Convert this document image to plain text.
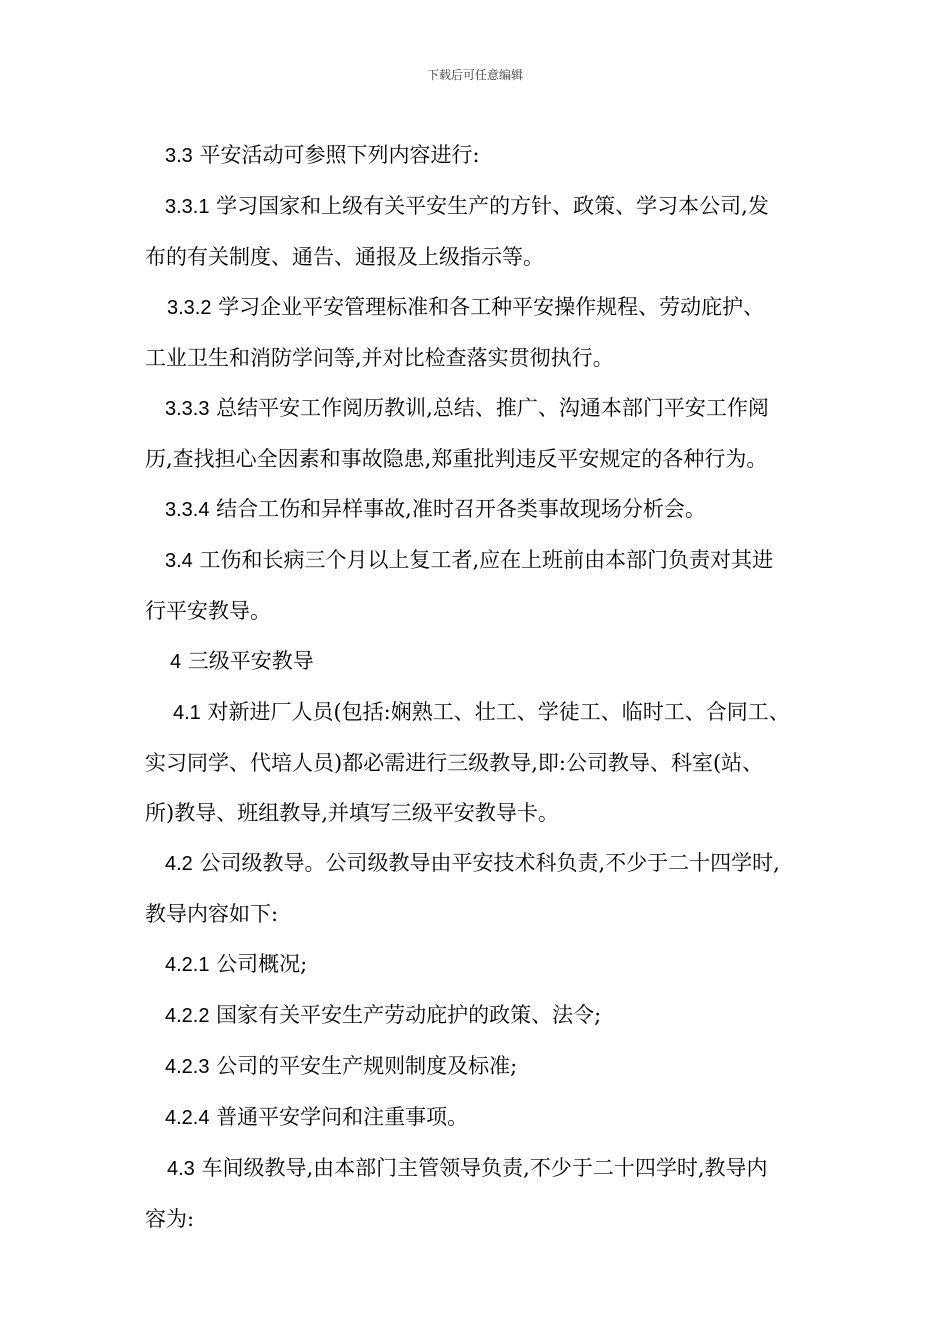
下载后可任意编辑
3.3 平安活动可参照下列内容进行:
3.3.1 学习国家和上级有关平安生产的方针、政策、学习本公司,发
布的有关制度、通告、通报及上级指示等。
3.3.2 学习企业平安管理标准和各工种平安操作规程、劳动庇护、
工业卫生和消防学问等,并对比检查落实贯彻执行。
3.3.3 总结平安工作阅历教训,总结、推广、沟通本部门平安工作阅
历,查找担心全因素和事故隐患,郑重批判违反平安规定的各种行为。
3.3.4 结合工伤和异样事故,准时召开各类事故现场分析会。
3.4 工伤和长病三个月以上复工者,应在上班前由本部门负责对其进
行平安教导。
4 三级平安教导
4.1 对新进厂人员(包括:娴熟工、壮工、学徒工、临时工、合同工、
实习同学、代培人员)都必需进行三级教导,即:公司教导、科室(站、
所)教导、班组教导,并填写三级平安教导卡。
4.2 公司级教导。公司级教导由平安技术科负责,不少于二十四学时,
教导内容如下:
4.2.1 公司概况;
4.2.2 国家有关平安生产劳动庇护的政策、法令;
4.2.3 公司的平安生产规则制度及标准;
4.2.4 普通平安学问和注重事项。
4.3 车间级教导,由本部门主管领导负责,不少于二十四学时,教导内
容为:
